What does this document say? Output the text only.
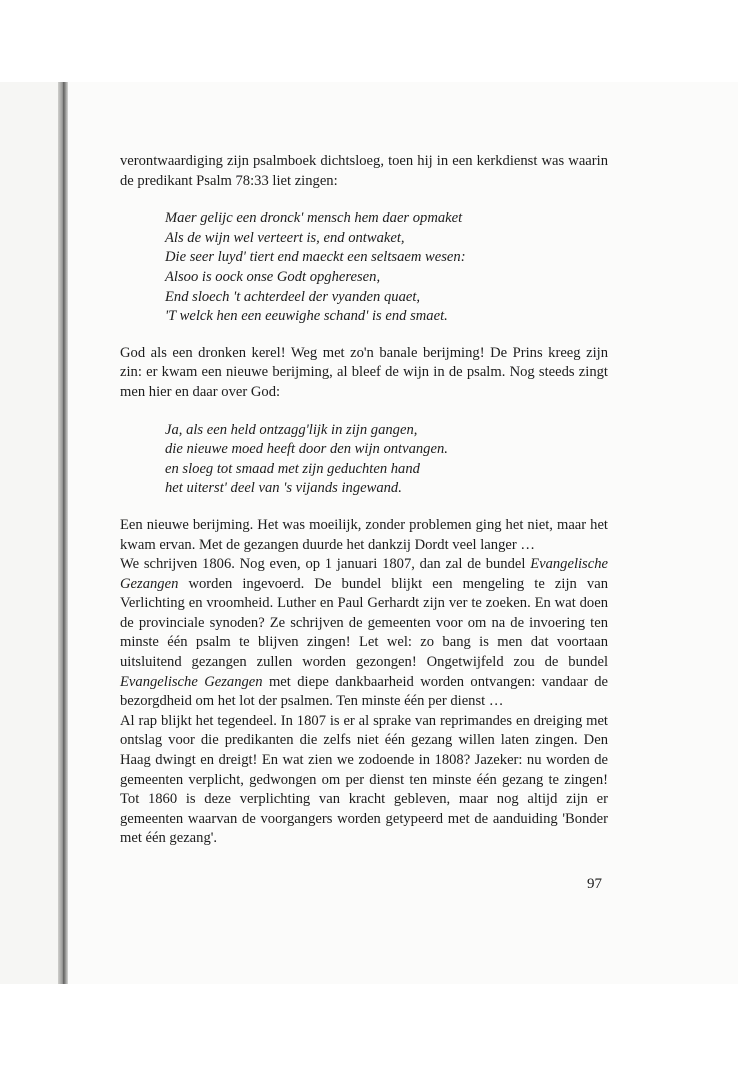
verontwaardiging zijn psalmboek dichtsloeg, toen hij in een kerkdienst was waarin de predikant Psalm 78:33 liet zingen:

Maer gelijc een dronck' mensch hem daer opmaket
Als de wijn wel verteert is, end ontwaket,
Die seer luyd' tiert end maeckt een seltsaem wesen:
Alsoo is oock onse Godt opgheresen,
End sloech 't achterdeel der vyanden quaet,
'T welck hen een eeuwighe schand' is end smaet.

God als een dronken kerel! Weg met zo'n banale berijming! De Prins kreeg zijn zin: er kwam een nieuwe berijming, al bleef de wijn in de psalm. Nog steeds zingt men hier en daar over God:

Ja, als een held ontzagg'lijk in zijn gangen,
die nieuwe moed heeft door den wijn ontvangen.
en sloeg tot smaad met zijn geduchten hand
het uiterst' deel van 's vijands ingewand.

Een nieuwe berijming. Het was moeilijk, zonder problemen ging het niet, maar het kwam ervan. Met de gezangen duurde het dankzij Dordt veel langer …

We schrijven 1806. Nog even, op 1 januari 1807, dan zal de bundel Evangelische Gezangen worden ingevoerd. De bundel blijkt een mengeling te zijn van Verlichting en vroomheid. Luther en Paul Gerhardt zijn ver te zoeken. En wat doen de provinciale synoden? Ze schrijven de gemeenten voor om na de invoering ten minste één psalm te blijven zingen! Let wel: zo bang is men dat voortaan uitsluitend gezangen zullen worden gezongen! Ongetwijfeld zou de bundel Evangelische Gezangen met diepe dankbaarheid worden ontvangen: vandaar de bezorgdheid om het lot der psalmen. Ten minste één per dienst …

Al rap blijkt het tegendeel. In 1807 is er al sprake van reprimandes en dreiging met ontslag voor die predikanten die zelfs niet één gezang willen laten zingen. Den Haag dwingt en dreigt! En wat zien we zodoende in 1808? Jazeker: nu worden de gemeenten verplicht, gedwongen om per dienst ten minste één gezang te zingen! Tot 1860 is deze verplichting van kracht gebleven, maar nog altijd zijn er gemeenten waarvan de voorgangers worden getypeerd met de aanduiding 'Bonder met één gezang'.

97
